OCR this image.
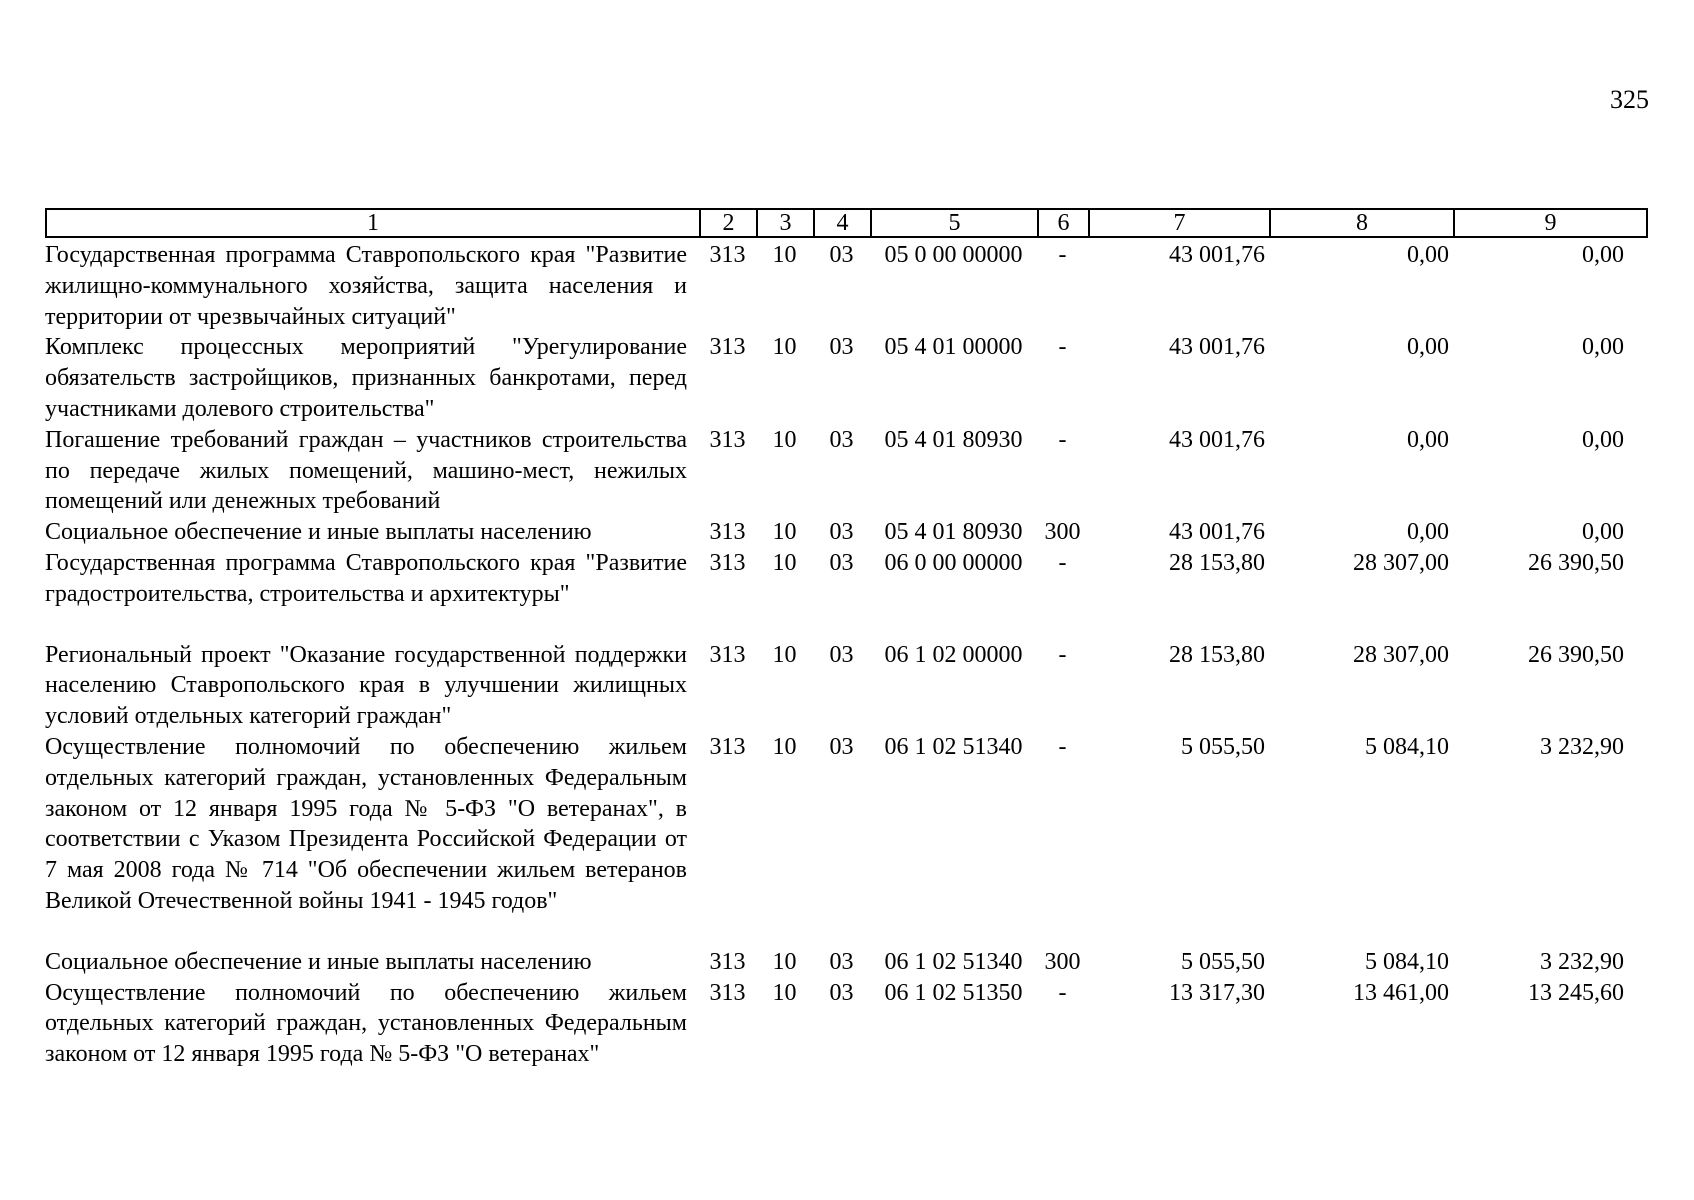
325
1	2	3	4	5	6	7	8	9
Государственная программа Ставропольского края "Развитие жилищно-коммунального хозяйства, защита населения и территории от чрезвычайных ситуаций"	313	10	03	05 0 00 00000	-	43 001,76	0,00	0,00
Комплекс процессных мероприятий "Урегулирование обязательств застройщиков, признанных банкротами, перед участниками долевого строительства"	313	10	03	05 4 01 00000	-	43 001,76	0,00	0,00
Погашение требований граждан – участников строительства по передаче жилых помещений, машино-мест, нежилых помещений или денежных требований	313	10	03	05 4 01 80930	-	43 001,76	0,00	0,00
Социальное обеспечение и иные выплаты населению	313	10	03	05 4 01 80930	300	43 001,76	0,00	0,00
Государственная программа Ставропольского края "Развитие градостроительства, строительства и архитектуры"	313	10	03	06 0 00 00000	-	28 153,80	28 307,00	26 390,50

Региональный проект "Оказание государственной поддержки населению Ставропольского края в улучшении жилищных условий отдельных категорий граждан"	313	10	03	06 1 02 00000	-	28 153,80	28 307,00	26 390,50
Осуществление полномочий по обеспечению жильем отдельных категорий граждан, установленных Федеральным законом от 12 января 1995 года № 5-ФЗ "О ветеранах", в соответствии с Указом Президента Российской Федерации от 7 мая 2008 года № 714 "Об обеспечении жильем ветеранов Великой Отечественной войны 1941 - 1945 годов"	313	10	03	06 1 02 51340	-	5 055,50	5 084,10	3 232,90

Социальное обеспечение и иные выплаты населению	313	10	03	06 1 02 51340	300	5 055,50	5 084,10	3 232,90
Осуществление полномочий по обеспечению жильем отдельных категорий граждан, установленных Федеральным законом от 12 января 1995 года № 5-ФЗ "О ветеранах"	313	10	03	06 1 02 51350	-	13 317,30	13 461,00	13 245,60
